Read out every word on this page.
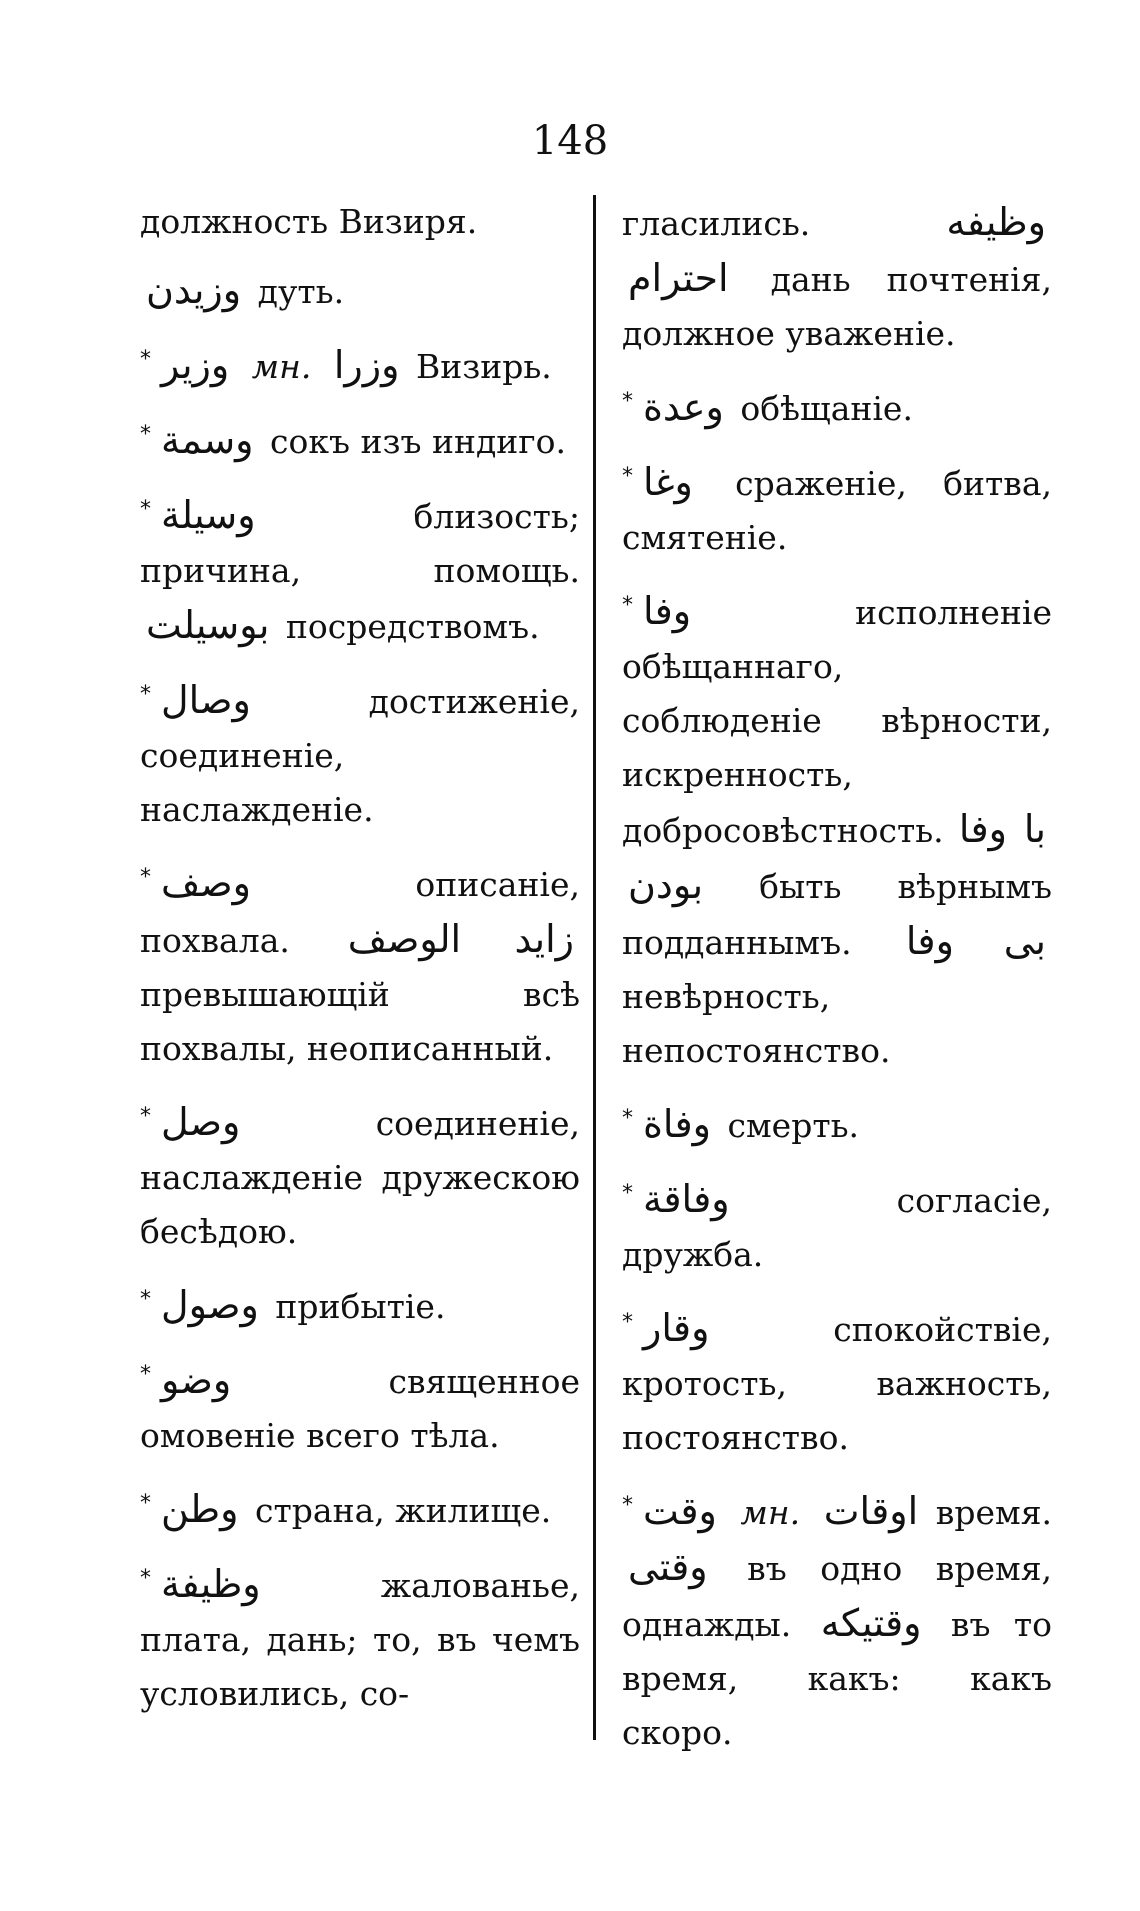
148
должность Визиря.
وزيدن дуть.
* وزير мн. وزرا Визирь.
* وسمة сокъ изъ индиго.
* وسيلة	близость; причина, помощь. بوسيلت посредствомъ.
* وصال	достиженіе, соединеніе, наслажденіе.
* وصف	описаніе, похвала. زايد الوصف превышающій всѣ похвалы, неописанный.
* وصل	соединеніе, наслажденіе дружескою бесѣдою.
* وصول прибытіе.
* وضو	священное омовеніе всего тѣла.
* وطن страна, жилище.
* وظيفة	жалованье, плата, дань; то, въ чемъ условились, со-
гласились.	وظيفه احترام дань почтенія, должное уваженіе.
* وعدة обѣщаніе.
* وغا сраженіе, битва, смятеніе.
* وفا	исполненіе обѣщаннаго, соблюденіе вѣрности, искренность, добросовѣстность. با وفا بودن быть вѣрнымъ подданнымъ. بى وفا невѣрность, непостоянство.
* وفاة смерть.
* وفاقة	согласіе, дружба.
* وقار	спокойствіе, кротость, важность, постоянство.
* وقت мн. اوقات время. وقتى въ одно время, однажды. وقتيكه въ то время, какъ: какъ скоро.
